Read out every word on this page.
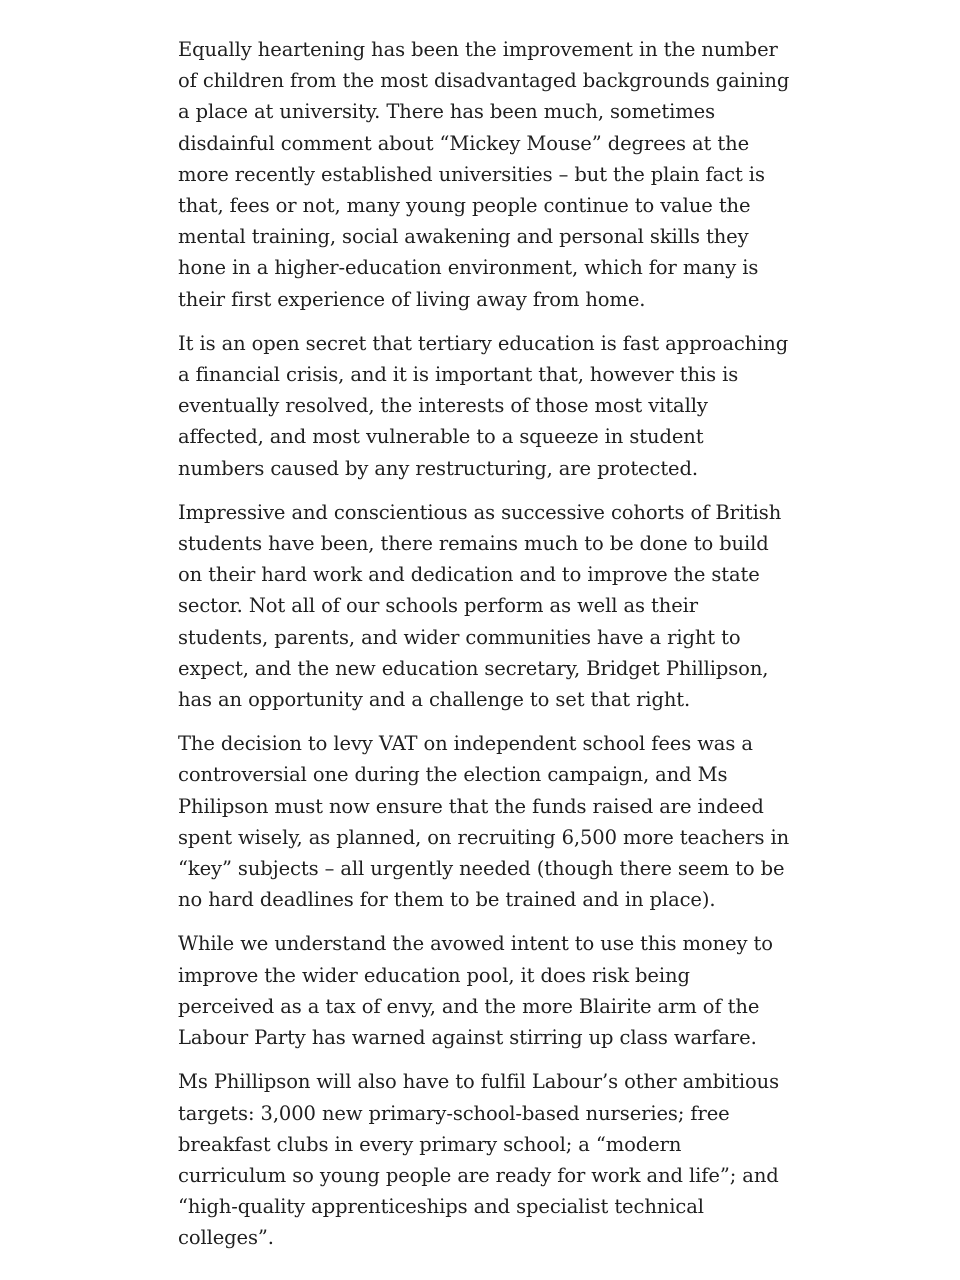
Equally heartening has been the improvement in the number of children from the most disadvantaged backgrounds gaining a place at university. There has been much, sometimes disdainful comment about “Mickey Mouse” degrees at the more recently established universities – but the plain fact is that, fees or not, many young people continue to value the mental training, social awakening and personal skills they hone in a higher-education environment, which for many is their first experience of living away from home.

It is an open secret that tertiary education is fast approaching a financial crisis, and it is important that, however this is eventually resolved, the interests of those most vitally affected, and most vulnerable to a squeeze in student numbers caused by any restructuring, are protected.

Impressive and conscientious as successive cohorts of British students have been, there remains much to be done to build on their hard work and dedication and to improve the state sector. Not all of our schools perform as well as their students, parents, and wider communities have a right to expect, and the new education secretary, Bridget Phillipson, has an opportunity and a challenge to set that right.

The decision to levy VAT on independent school fees was a controversial one during the election campaign, and Ms Philipson must now ensure that the funds raised are indeed spent wisely, as planned, on recruiting 6,500 more teachers in “key” subjects – all urgently needed (though there seem to be no hard deadlines for them to be trained and in place).

While we understand the avowed intent to use this money to improve the wider education pool, it does risk being perceived as a tax of envy, and the more Blairite arm of the Labour Party has warned against stirring up class warfare.

Ms Phillipson will also have to fulfil Labour’s other ambitious targets: 3,000 new primary-school-based nurseries; free breakfast clubs in every primary school; a “modern curriculum so young people are ready for work and life”; and “high-quality apprenticeships and specialist technical colleges”.
